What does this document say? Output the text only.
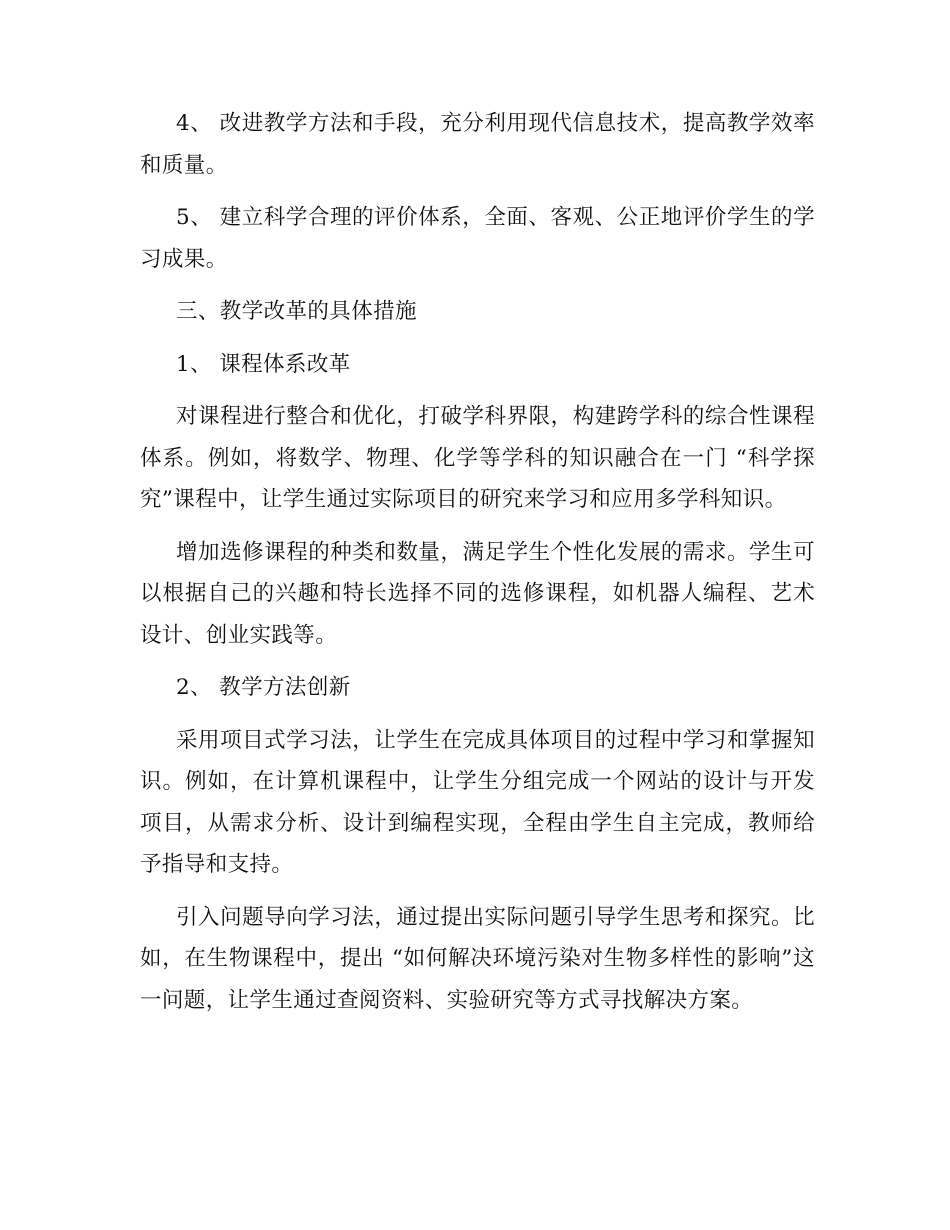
4、 改进教学方法和手段，充分利用现代信息技术，提高教学效率和质量。

5、 建立科学合理的评价体系，全面、客观、公正地评价学生的学习成果。

三、教学改革的具体措施

1、 课程体系改革

对课程进行整合和优化，打破学科界限，构建跨学科的综合性课程体系。例如，将数学、物理、化学等学科的知识融合在一门 “科学探究”课程中，让学生通过实际项目的研究来学习和应用多学科知识。

增加选修课程的种类和数量，满足学生个性化发展的需求。学生可以根据自己的兴趣和特长选择不同的选修课程，如机器人编程、艺术设计、创业实践等。

2、 教学方法创新

采用项目式学习法，让学生在完成具体项目的过程中学习和掌握知识。例如，在计算机课程中，让学生分组完成一个网站的设计与开发项目，从需求分析、设计到编程实现，全程由学生自主完成，教师给予指导和支持。

引入问题导向学习法，通过提出实际问题引导学生思考和探究。比如，在生物课程中，提出 “如何解决环境污染对生物多样性的影响”这一问题，让学生通过查阅资料、实验研究等方式寻找解决方案。
